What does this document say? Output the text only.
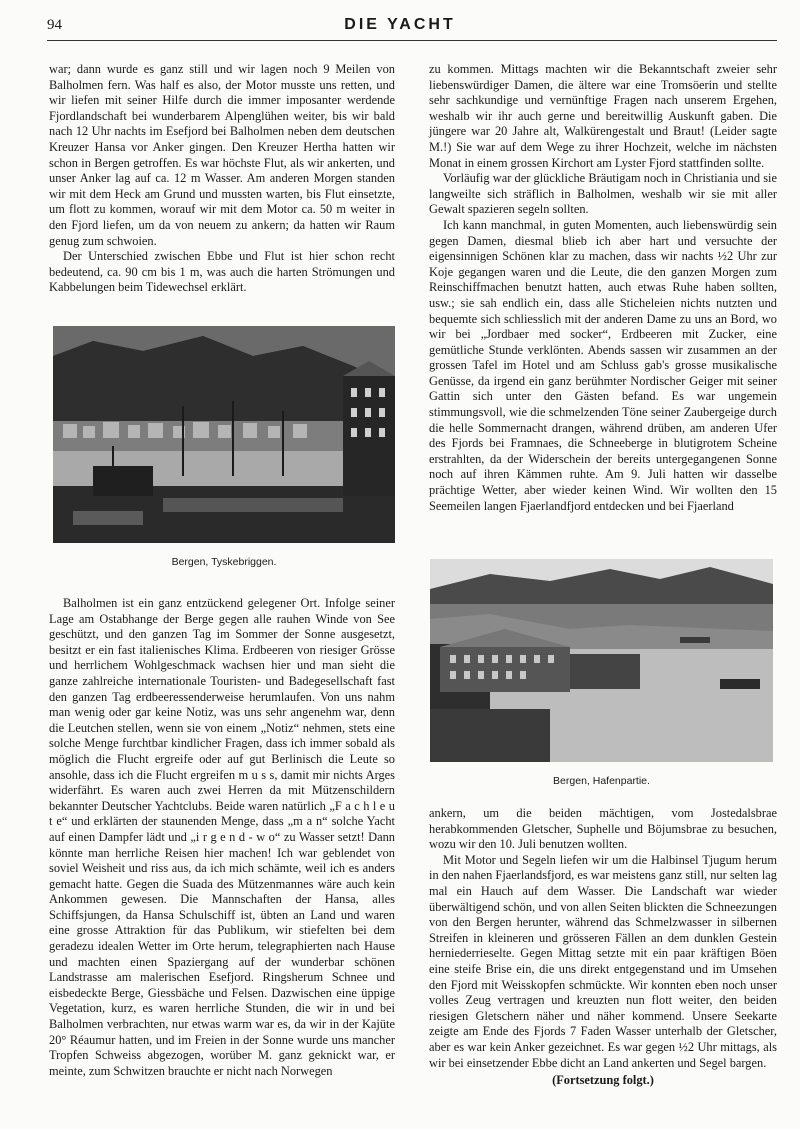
94	DIE YACHT

war; dann wurde es ganz still und wir lagen noch 9 Meilen von Balholmen fern. Was half es also, der Motor musste uns retten, und wir liefen mit seiner Hilfe durch die immer imposanter werdende Fjordlandschaft bei wunderbarem Alpenglühen weiter, bis wir bald nach 12 Uhr nachts im Esefjord bei Balholmen neben dem deutschen Kreuzer Hansa vor Anker gingen. Den Kreuzer Hertha hatten wir schon in Bergen getroffen. Es war höchste Flut, als wir ankerten, und unser Anker lag auf ca. 12 m Wasser. Am anderen Morgen standen wir mit dem Heck am Grund und mussten warten, bis Flut einsetzte, um flott zu kommen, worauf wir mit dem Motor ca. 50 m weiter in den Fjord liefen, um da von neuem zu ankern; da hatten wir Raum genug zum schwoien.

Der Unterschied zwischen Ebbe und Flut ist hier schon recht bedeutend, ca. 90 cm bis 1 m, was auch die harten Strömungen und Kabbelungen beim Tidewechsel erklärt.

Bergen, Tyskebriggen.

Balholmen ist ein ganz entzückend gelegener Ort. Infolge seiner Lage am Ostabhange der Berge gegen alle rauhen Winde von See geschützt, und den ganzen Tag im Sommer der Sonne ausgesetzt, besitzt er ein fast italienisches Klima. Erdbeeren von riesiger Grösse und herrlichem Wohlgeschmack wachsen hier und man sieht die ganze zahlreiche internationale Touristen- und Badegesellschaft fast den ganzen Tag erdbeeressenderweise herumlaufen. Von uns nahm man wenig oder gar keine Notiz, was uns sehr angenehm war, denn die Leutchen stellen, wenn sie von einem „Notiz“ nehmen, stets eine solche Menge furchtbar kindlicher Fragen, dass ich immer sobald als möglich die Flucht ergreife oder auf gut Berlinisch die Leute so ansohle, dass ich die Flucht ergreifen m u s s, damit mir nichts Arges widerfährt. Es waren auch zwei Herren da mit Mützenschildern bekannter Deutscher Yachtclubs. Beide waren natürlich „F a c h l e u t e“ und erklärten der staunenden Menge, dass „m a n“ solche Yacht auf einen Dampfer lädt und „i r g e n d - w o“ zu Wasser setzt! Dann könnte man herrliche Reisen hier machen! Ich war geblendet von soviel Weisheit und riss aus, da ich mich schämte, weil ich es anders gemacht hatte. Gegen die Suada des Mützenmannes wäre auch kein Ankommen gewesen. Die Mannschaften der Hansa, alles Schiffsjungen, da Hansa Schulschiff ist, übten an Land und waren eine grosse Attraktion für das Publikum, wir stiefelten bei dem geradezu idealen Wetter im Orte herum, telegraphierten nach Hause und machten einen Spaziergang auf der wunderbar schönen Landstrasse am malerischen Esefjord. Ringsherum Schnee und eisbedeckte Berge, Giessbäche und Felsen. Dazwischen eine üppige Vegetation, kurz, es waren herrliche Stunden, die wir in und bei Balholmen verbrachten, nur etwas warm war es, da wir in der Kajüte 20° Réaumur hatten, und im Freien in der Sonne wurde uns mancher Tropfen Schweiss abgezogen, worüber M. ganz geknickt war, er meinte, zum Schwitzen brauchte er nicht nach Norwegen

zu kommen. Mittags machten wir die Bekanntschaft zweier sehr liebenswürdiger Damen, die ältere war eine Tromsöerin und stellte sehr sachkundige und vernünftige Fragen nach unserem Ergehen, weshalb wir ihr auch gerne und bereitwillig Auskunft gaben. Die jüngere war 20 Jahre alt, Walkürengestalt und Braut! (Leider sagte M.!) Sie war auf dem Wege zu ihrer Hochzeit, welche im nächsten Monat in einem grossen Kirchort am Lyster Fjord stattfinden sollte.

Vorläufig war der glückliche Bräutigam noch in Christiania und sie langweilte sich sträflich in Balholmen, weshalb wir sie mit aller Gewalt spazieren segeln sollten.

Ich kann manchmal, in guten Momenten, auch liebenswürdig sein gegen Damen, diesmal blieb ich aber hart und versuchte der eigensinnigen Schönen klar zu machen, dass wir nachts ½2 Uhr zur Koje gegangen waren und die Leute, die den ganzen Morgen zum Reinschiffmachen benutzt hatten, auch etwas Ruhe haben sollten, usw.; sie sah endlich ein, dass alle Sticheleien nichts nutzten und bequemte sich schliesslich mit der anderen Dame zu uns an Bord, wo wir bei „Jordbaer med socker“, Erdbeeren mit Zucker, eine gemütliche Stunde verklönten. Abends sassen wir zusammen an der grossen Tafel im Hotel und am Schluss gab's grosse musikalische Genüsse, da irgend ein ganz berühmter Nordischer Geiger mit seiner Gattin sich unter den Gästen befand. Es war ungemein stimmungsvoll, wie die schmelzenden Töne seiner Zaubergeige durch die helle Sommernacht drangen, während drüben, am anderen Ufer des Fjords bei Framnaes, die Schneeberge in blutigrotem Scheine erstrahlten, da der Widerschein der bereits untergegangenen Sonne noch auf ihren Kämmen ruhte. Am 9. Juli hatten wir dasselbe prächtige Wetter, aber wieder keinen Wind. Wir wollten den 15 Seemeilen langen Fjaerlandfjord entdecken und bei Fjaerland

Bergen, Hafenpartie.

ankern, um die beiden mächtigen, vom Jostedalsbrae herabkommenden Gletscher, Suphelle und Böjumsbrae zu besuchen, wozu wir den 10. Juli benutzen wollten.

Mit Motor und Segeln liefen wir um die Halbinsel Tjugum herum in den nahen Fjaerlandsfjord, es war meistens ganz still, nur selten lag mal ein Hauch auf dem Wasser. Die Landschaft war wieder überwältigend schön, und von allen Seiten blickten die Schneezungen von den Bergen herunter, während das Schmelzwasser in silbernen Streifen in kleineren und grösseren Fällen an dem dunklen Gestein herniederrieselte. Gegen Mittag setzte mit ein paar kräftigen Böen eine steife Brise ein, die uns direkt entgegenstand und im Umsehen den Fjord mit Weisskopfen schmückte. Wir konnten eben noch unser volles Zeug vertragen und kreuzten nun flott weiter, den beiden riesigen Gletschern näher und näher kommend. Unsere Seekarte zeigte am Ende des Fjords 7 Faden Wasser unterhalb der Gletscher, aber es war kein Anker gezeichnet. Es war gegen ½2 Uhr mittags, als wir bei einsetzender Ebbe dicht an Land ankerten und Segel bargen.

(Fortsetzung folgt.)
